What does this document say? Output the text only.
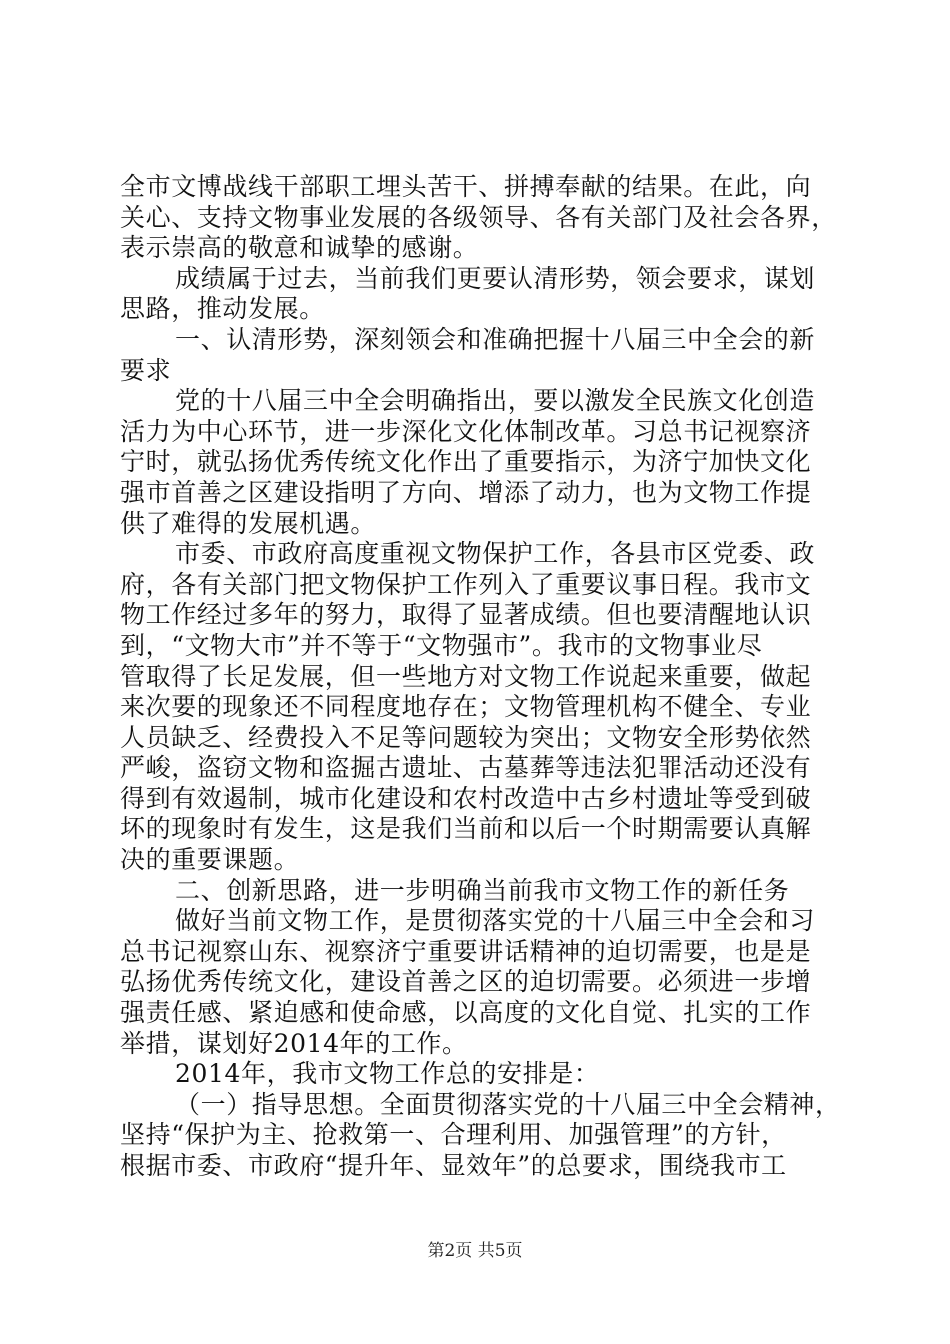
全市文博战线干部职工埋头苦干、拼搏奉献的结果。在此，向
关心、支持文物事业发展的各级领导、各有关部门及社会各界，
表示崇高的敬意和诚挚的感谢。
成绩属于过去，当前我们更要认清形势，领会要求，谋划
思路，推动发展。
一、认清形势，深刻领会和准确把握十八届三中全会的新
要求
党的十八届三中全会明确指出，要以激发全民族文化创造
活力为中心环节，进一步深化文化体制改革。习总书记视察济
宁时，就弘扬优秀传统文化作出了重要指示，为济宁加快文化
强市首善之区建设指明了方向、增添了动力，也为文物工作提
供了难得的发展机遇。
市委、市政府高度重视文物保护工作，各县市区党委、政
府，各有关部门把文物保护工作列入了重要议事日程。我市文
物工作经过多年的努力，取得了显著成绩。但也要清醒地认识
到，“文物大市”并不等于“文物强市”。我市的文物事业尽
管取得了长足发展，但一些地方对文物工作说起来重要，做起
来次要的现象还不同程度地存在；文物管理机构不健全、专业
人员缺乏、经费投入不足等问题较为突出；文物安全形势依然
严峻，盗窃文物和盗掘古遗址、古墓葬等违法犯罪活动还没有
得到有效遏制，城市化建设和农村改造中古乡村遗址等受到破
坏的现象时有发生，这是我们当前和以后一个时期需要认真解
决的重要课题。
二、创新思路，进一步明确当前我市文物工作的新任务
做好当前文物工作，是贯彻落实党的十八届三中全会和习
总书记视察山东、视察济宁重要讲话精神的迫切需要，也是是
弘扬优秀传统文化，建设首善之区的迫切需要。必须进一步增
强责任感、紧迫感和使命感，以高度的文化自觉、扎实的工作
举措，谋划好2014年的工作。
2014年，我市文物工作总的安排是：
（一）指导思想。全面贯彻落实党的十八届三中全会精神，
坚持“保护为主、抢救第一、合理利用、加强管理”的方针，
根据市委、市政府“提升年、显效年”的总要求，围绕我市工
第2页 共5页
